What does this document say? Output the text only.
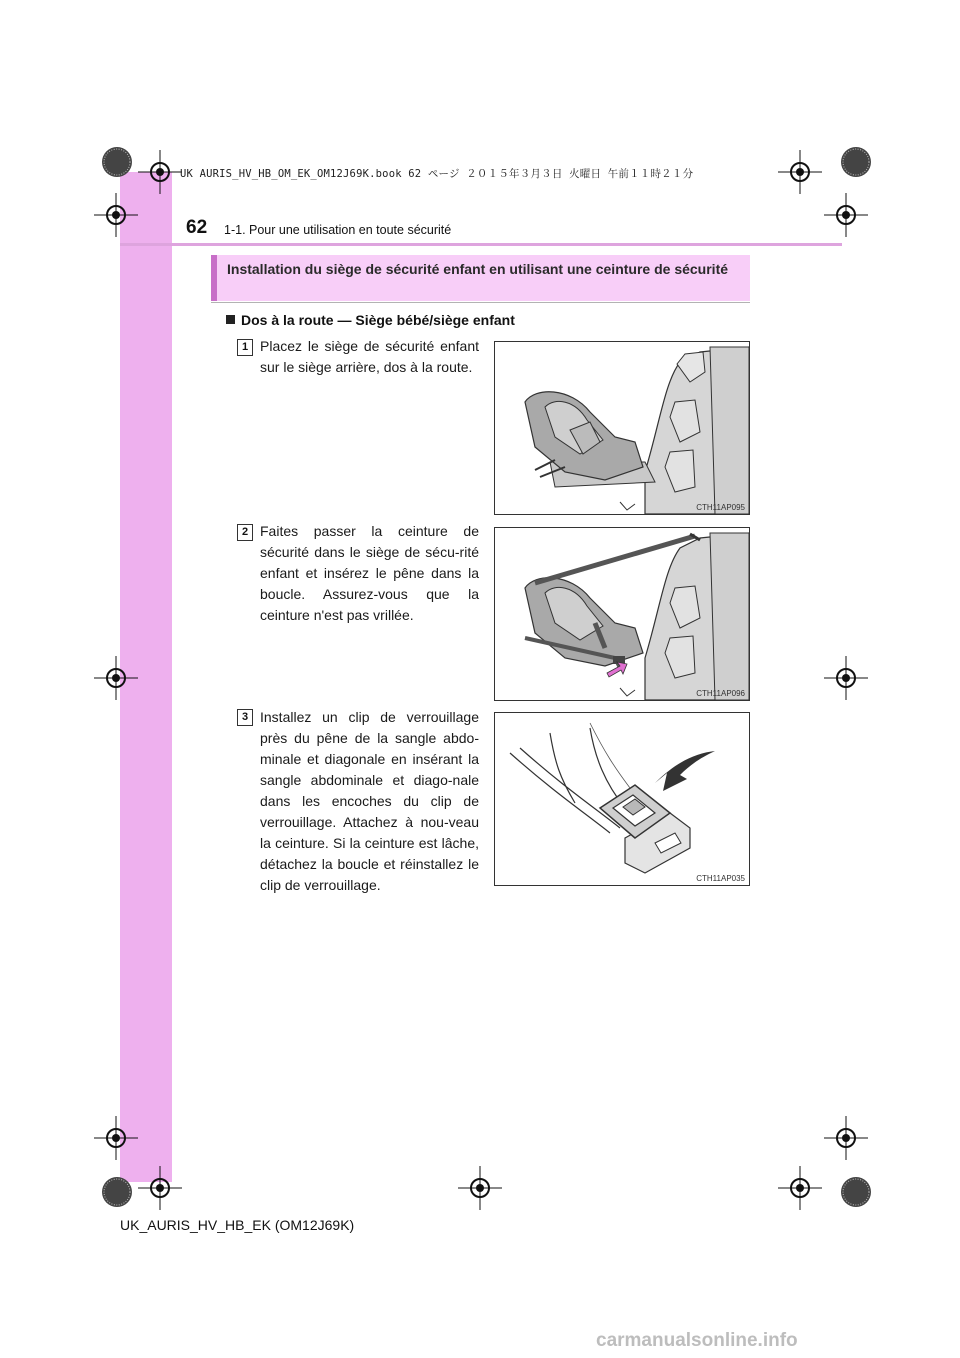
UK AURIS_HV_HB_OM_EK_OM12J69K.book 62 ページ ２０１５年３月３日 火曜日 午前１１時２１分
62 1-1. Pour une utilisation en toute sécurité
Installation du siège de sécurité enfant en utilisant une ceinture de sécurité
Dos à la route — Siège bébé/siège enfant
1 Placez le siège de sécurité enfant sur le siège arrière, dos à la route.
CTH11AP095
2 Faites passer la ceinture de sécurité dans le siège de sécu-rité enfant et insérez le pêne dans la boucle. Assurez-vous que la ceinture n'est pas vrillée.
CTH11AP096
3 Installez un clip de verrouillage près du pêne de la sangle abdo-minale et diagonale en insérant la sangle abdominale et diago-nale dans les encoches du clip de verrouillage. Attachez à nou-veau la ceinture. Si la ceinture est lâche, détachez la boucle et réinstallez le clip de verrouillage.	CTH11AP035
UK_AURIS_HV_HB_EK (OM12J69K)
carmanualsonline.info
